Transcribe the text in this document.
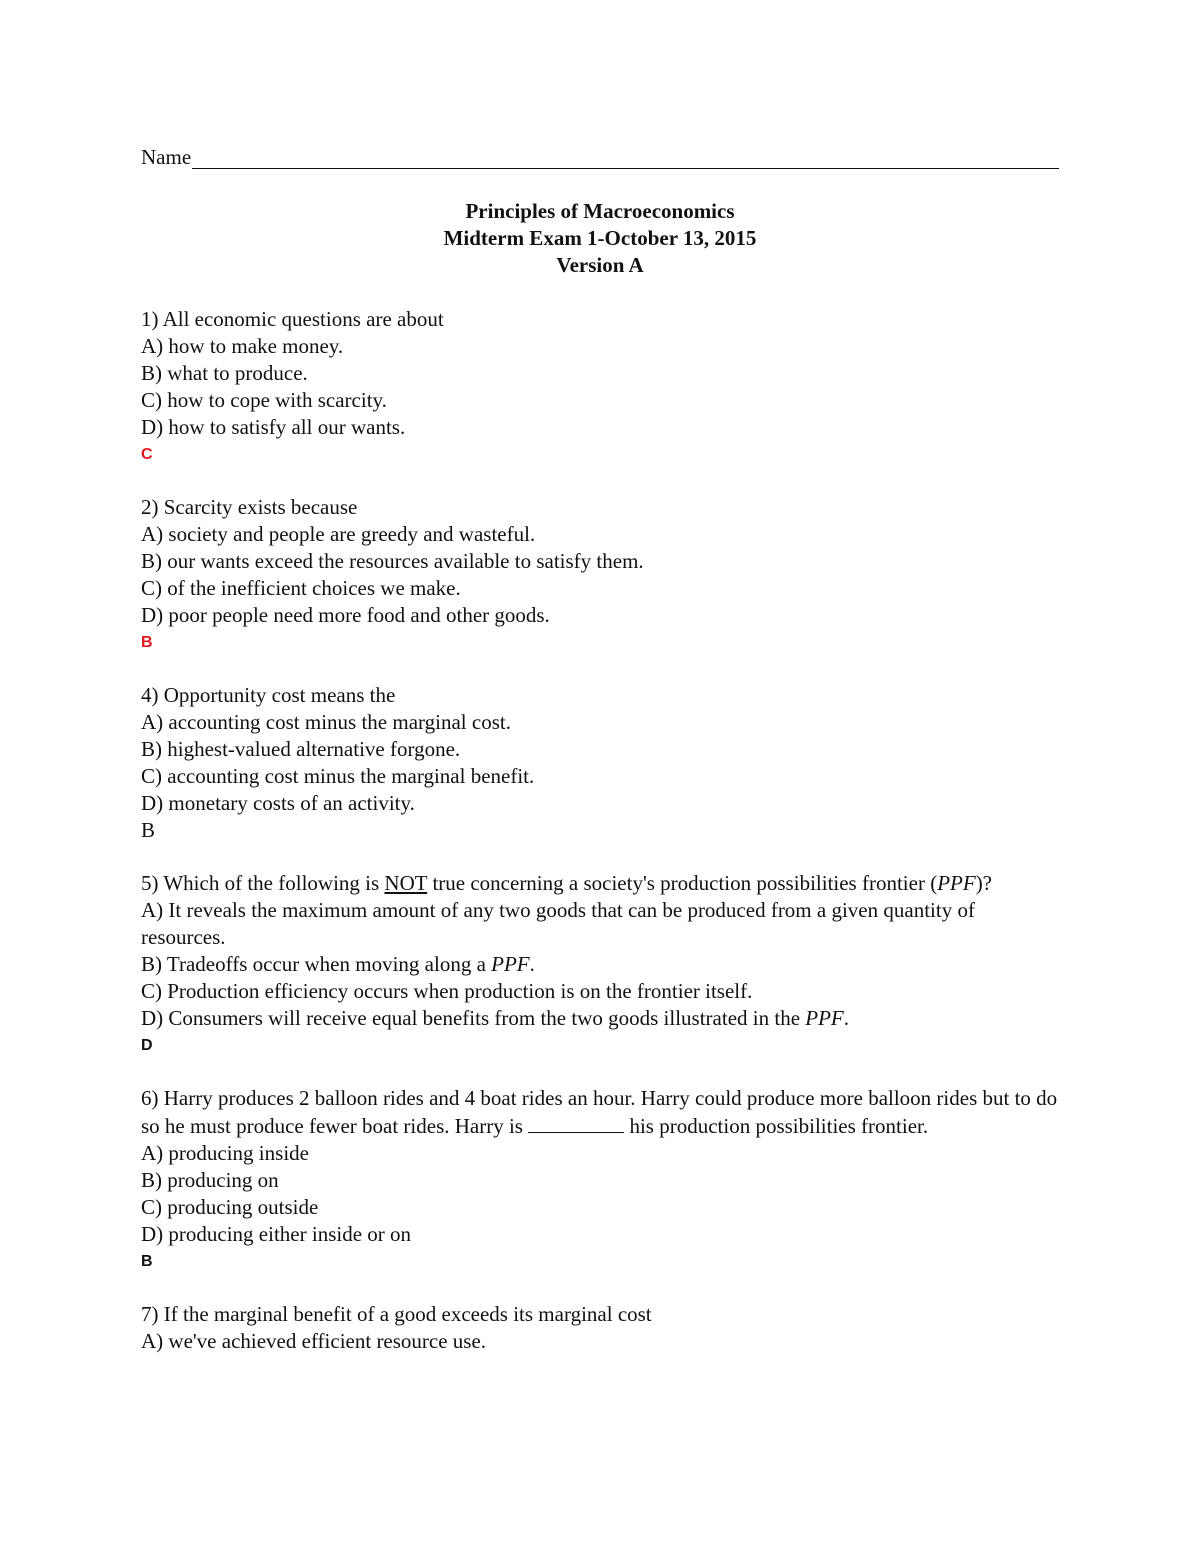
Name
Principles of Macroeconomics
Midterm Exam 1-October 13, 2015
Version A
1) All economic questions are about
A) how to make money.
B) what to produce.
C) how to cope with scarcity.
D) how to satisfy all our wants.
C
2) Scarcity exists because
A) society and people are greedy and wasteful.
B) our wants exceed the resources available to satisfy them.
C) of the inefficient choices we make.
D) poor people need more food and other goods.
B
4) Opportunity cost means the
A) accounting cost minus the marginal cost.
B) highest-valued alternative forgone.
C) accounting cost minus the marginal benefit.
D) monetary costs of an activity.
B
5) Which of the following is NOT true concerning a society's production possibilities frontier (PPF)?
A) It reveals the maximum amount of any two goods that can be produced from a given quantity of resources.
B) Tradeoffs occur when moving along a PPF.
C) Production efficiency occurs when production is on the frontier itself.
D) Consumers will receive equal benefits from the two goods illustrated in the PPF.
D
6) Harry produces 2 balloon rides and 4 boat rides an hour. Harry could produce more balloon rides but to do so he must produce fewer boat rides. Harry is	his production possibilities frontier.
A) producing inside
B) producing on
C) producing outside
D) producing either inside or on
B
7) If the marginal benefit of a good exceeds its marginal cost
A) we've achieved efficient resource use.
